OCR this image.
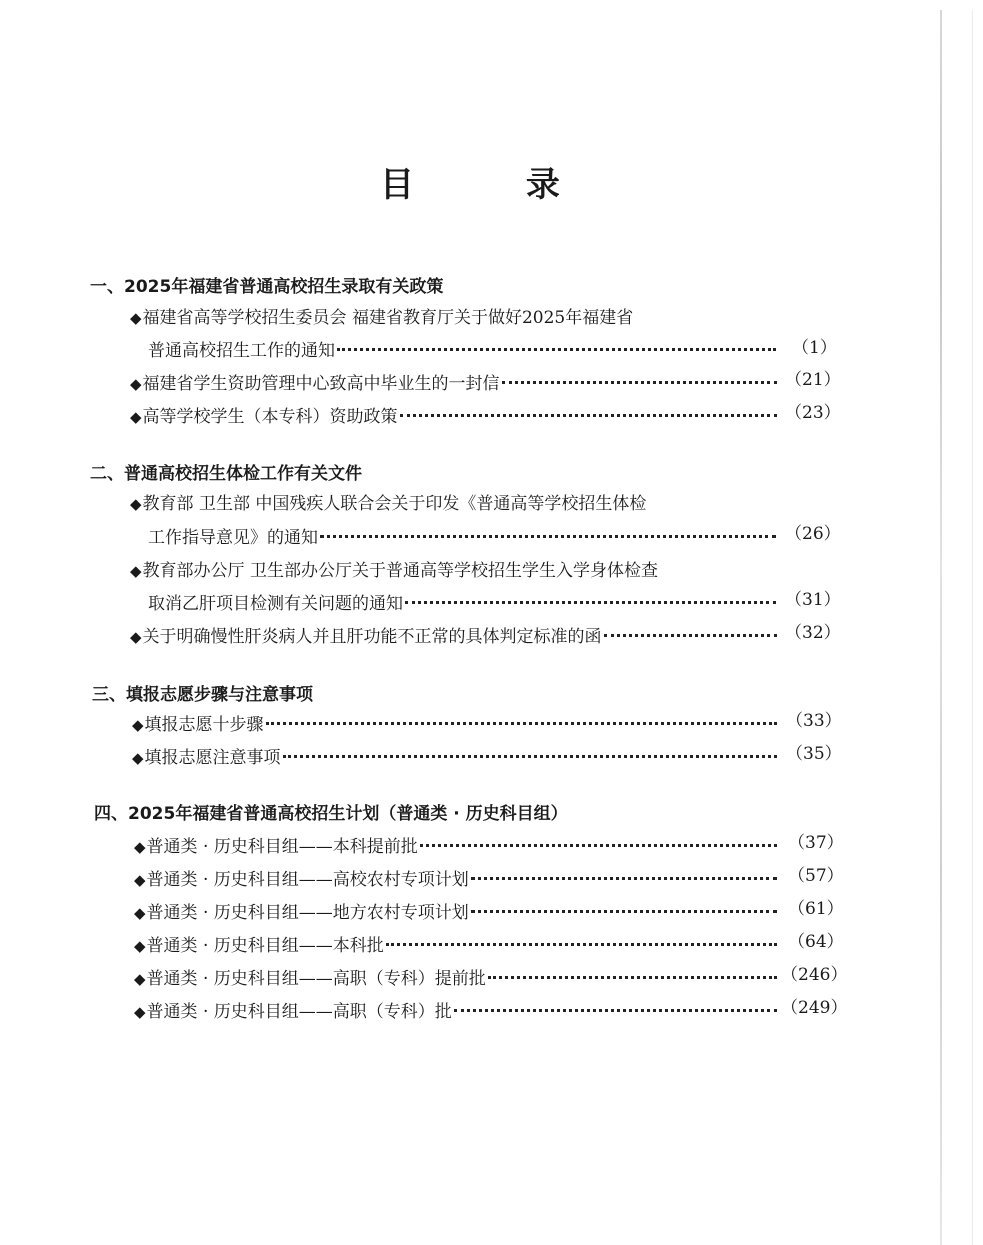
目 录
一、2025年福建省普通高校招生录取有关政策
◆ 福建省高等学校招生委员会 福建省教育厅关于做好2025年福建省
普通高校招生工作的通知	（1）
◆ 福建省学生资助管理中心致高中毕业生的一封信	（21）
◆ 高等学校学生（本专科）资助政策	（23）
二、普通高校招生体检工作有关文件
◆ 教育部 卫生部 中国残疾人联合会关于印发《普通高等学校招生体检
工作指导意见》的通知	（26）
◆ 教育部办公厅 卫生部办公厅关于普通高等学校招生学生入学身体检查
取消乙肝项目检测有关问题的通知	（31）
◆ 关于明确慢性肝炎病人并且肝功能不正常的具体判定标准的函	（32）
三、填报志愿步骤与注意事项
◆ 填报志愿十步骤	（33）
◆ 填报志愿注意事项	（35）
四、2025年福建省普通高校招生计划（普通类 · 历史科目组）
◆ 普通类 · 历史科目组——本科提前批	（37）
◆ 普通类 · 历史科目组——高校农村专项计划	（57）
◆ 普通类 · 历史科目组——地方农村专项计划	（61）
◆ 普通类 · 历史科目组——本科批	（64）
◆ 普通类 · 历史科目组——高职（专科）提前批	（246）
◆ 普通类 · 历史科目组——高职（专科）批	（249）
